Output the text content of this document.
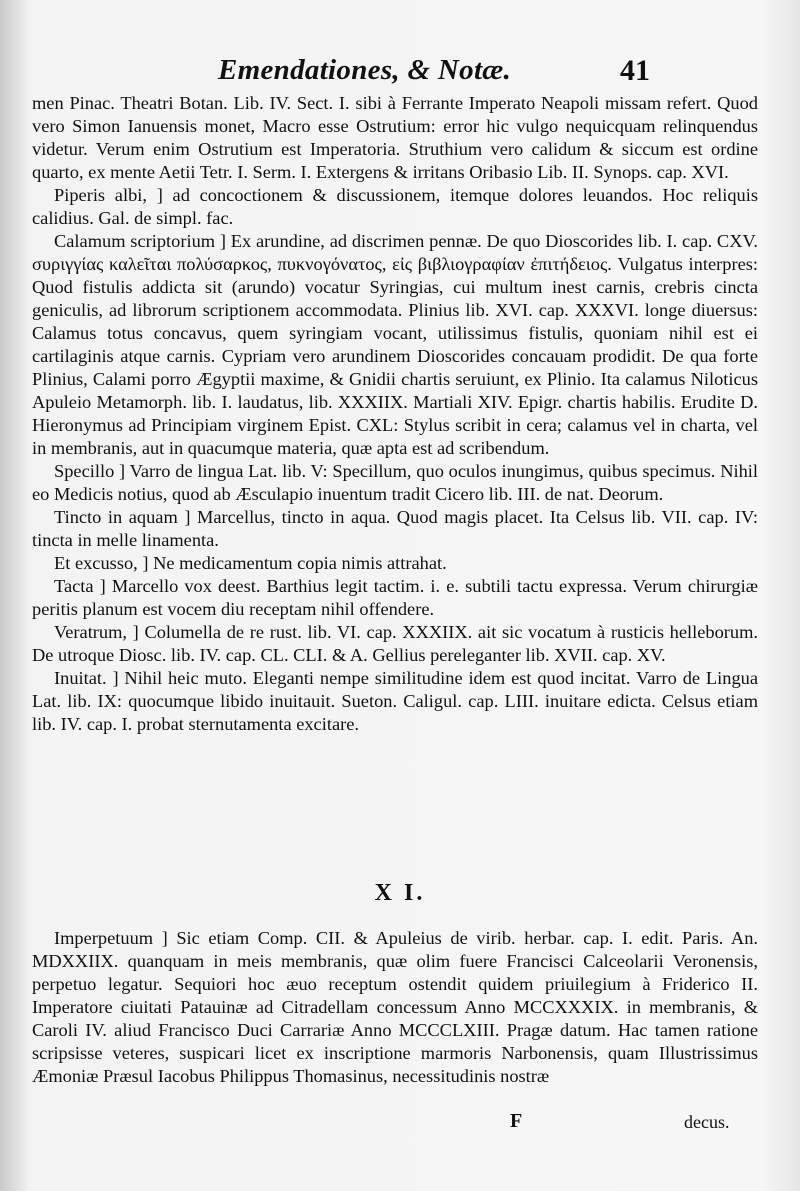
Emendationes, & Notæ.	41

men Pinac. Theatri Botan. Lib. IV. Sect. I. sibi à Ferrante Imperato Neapoli missam refert. Quod vero Simon Ianuensis monet, Macro esse Ostrutium: error hic vulgo nequicquam relinquendus videtur. Verum enim Ostrutium est Imperatoria. Struthium vero calidum & siccum est ordine quarto, ex mente Aetii Tetr. I. Serm. I. Extergens & irritans Oribasio Lib. II. Synops. cap. XVI.

Piperis albi, ] ad concoctionem & discussionem, itemque dolores leuandos. Hoc reliquis calidius. Gal. de simpl. fac.

Calamum scriptorium ] Ex arundine, ad discrimen pennæ. De quo Dioscorides lib. I. cap. CXV. συριγγίας καλεῖται πολύσαρκος, πυκνογόνατος, εἰς βιβλιογραφίαν ἐπιτήδειος. Vulgatus interpres: Quod fistulis addicta sit (arundo) vocatur Syringias, cui multum inest carnis, crebris cincta geniculis, ad librorum scriptionem accommodata. Plinius lib. XVI. cap. XXXVI. longe diuersus: Calamus totus concavus, quem syringiam vocant, utilissimus fistulis, quoniam nihil est ei cartilaginis atque carnis. Cypriam vero arundinem Dioscorides concauam prodidit. De qua forte Plinius, Calami porro Ægyptii maxime, & Gnidii chartis seruiunt, ex Plinio. Ita calamus Niloticus Apuleio Metamorph. lib. I. laudatus, lib. XXXIIX. Martiali XIV. Epigr. chartis habilis. Erudite D. Hieronymus ad Principiam virginem Epist. CXL: Stylus scribit in cera; calamus vel in charta, vel in membranis, aut in quacumque materia, quæ apta est ad scribendum.

Specillo ] Varro de lingua Lat. lib. V: Specillum, quo oculos inungimus, quibus specimus. Nihil eo Medicis notius, quod ab Æsculapio inuentum tradit Cicero lib. III. de nat. Deorum.

Tincto in aquam ] Marcellus, tincto in aqua. Quod magis placet. Ita Celsus lib. VII. cap. IV: tincta in melle linamenta.

Et excusso, ] Ne medicamentum copia nimis attrahat.

Tacta ] Marcello vox deest. Barthius legit tactim. i. e. subtili tactu expressa. Verum chirurgiæ peritis planum est vocem diu receptam nihil offendere.

Veratrum, ] Columella de re rust. lib. VI. cap. XXXIIX. ait sic vocatum à rusticis helleborum. De utroque Diosc. lib. IV. cap. CL. CLI. & A. Gellius pereleganter lib. XVII. cap. XV.

Inuitat. ] Nihil heic muto. Eleganti nempe similitudine idem est quod incitat. Varro de Lingua Lat. lib. IX: quocumque libido inuitauit. Sueton. Caligul. cap. LIII. inuitare edicta. Celsus etiam lib. IV. cap. I. probat sternutamenta excitare.

X I.

Imperpetuum ] Sic etiam Comp. CII. & Apuleius de virib. herbar. cap. I. edit. Paris. An. MDXXIIX. quanquam in meis membranis, quæ olim fuere Francisci Calceolarii Veronensis, perpetuo legatur. Sequiori hoc æuo receptum ostendit quidem priuilegium à Friderico II. Imperatore ciuitati Patauinæ ad Citradellam concessum Anno MCCXXXIX. in membranis, & Caroli IV. aliud Francisco Duci Carrariæ Anno MCCCLXIII. Pragæ datum. Hac tamen ratione scripsisse veteres, suspicari licet ex inscriptione marmoris Narbonensis, quam Illustrissimus Æmoniæ Præsul Iacobus Philippus Thomasinus, necessitudinis nostræ

F	decus.
